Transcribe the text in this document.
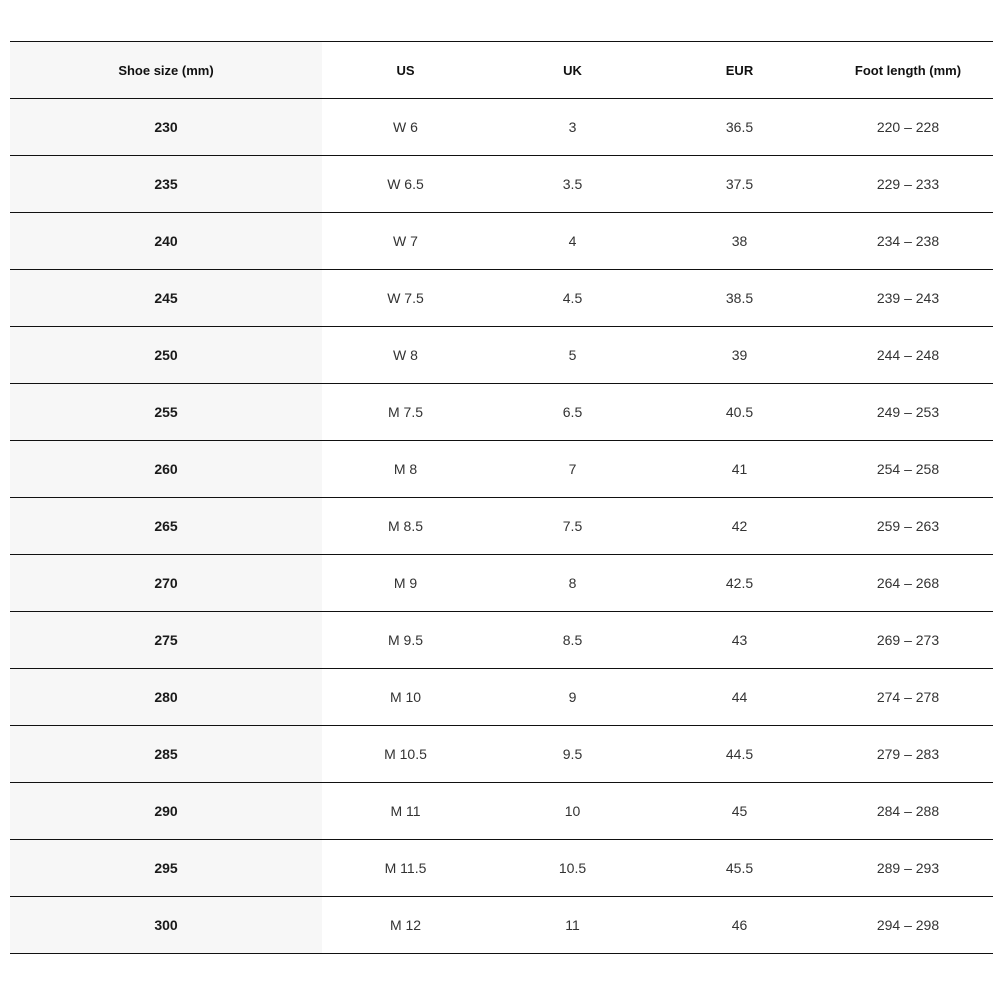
Shoe size (mm)	US	UK	EUR	Foot length (mm)
230	W 6	3	36.5	220 – 228
235	W 6.5	3.5	37.5	229 – 233
240	W 7	4	38	234 – 238
245	W 7.5	4.5	38.5	239 – 243
250	W 8	5	39	244 – 248
255	M 7.5	6.5	40.5	249 – 253
260	M 8	7	41	254 – 258
265	M 8.5	7.5	42	259 – 263
270	M 9	8	42.5	264 – 268
275	M 9.5	8.5	43	269 – 273
280	M 10	9	44	274 – 278
285	M 10.5	9.5	44.5	279 – 283
290	M 11	10	45	284 – 288
295	M 11.5	10.5	45.5	289 – 293
300	M 12	11	46	294 – 298
